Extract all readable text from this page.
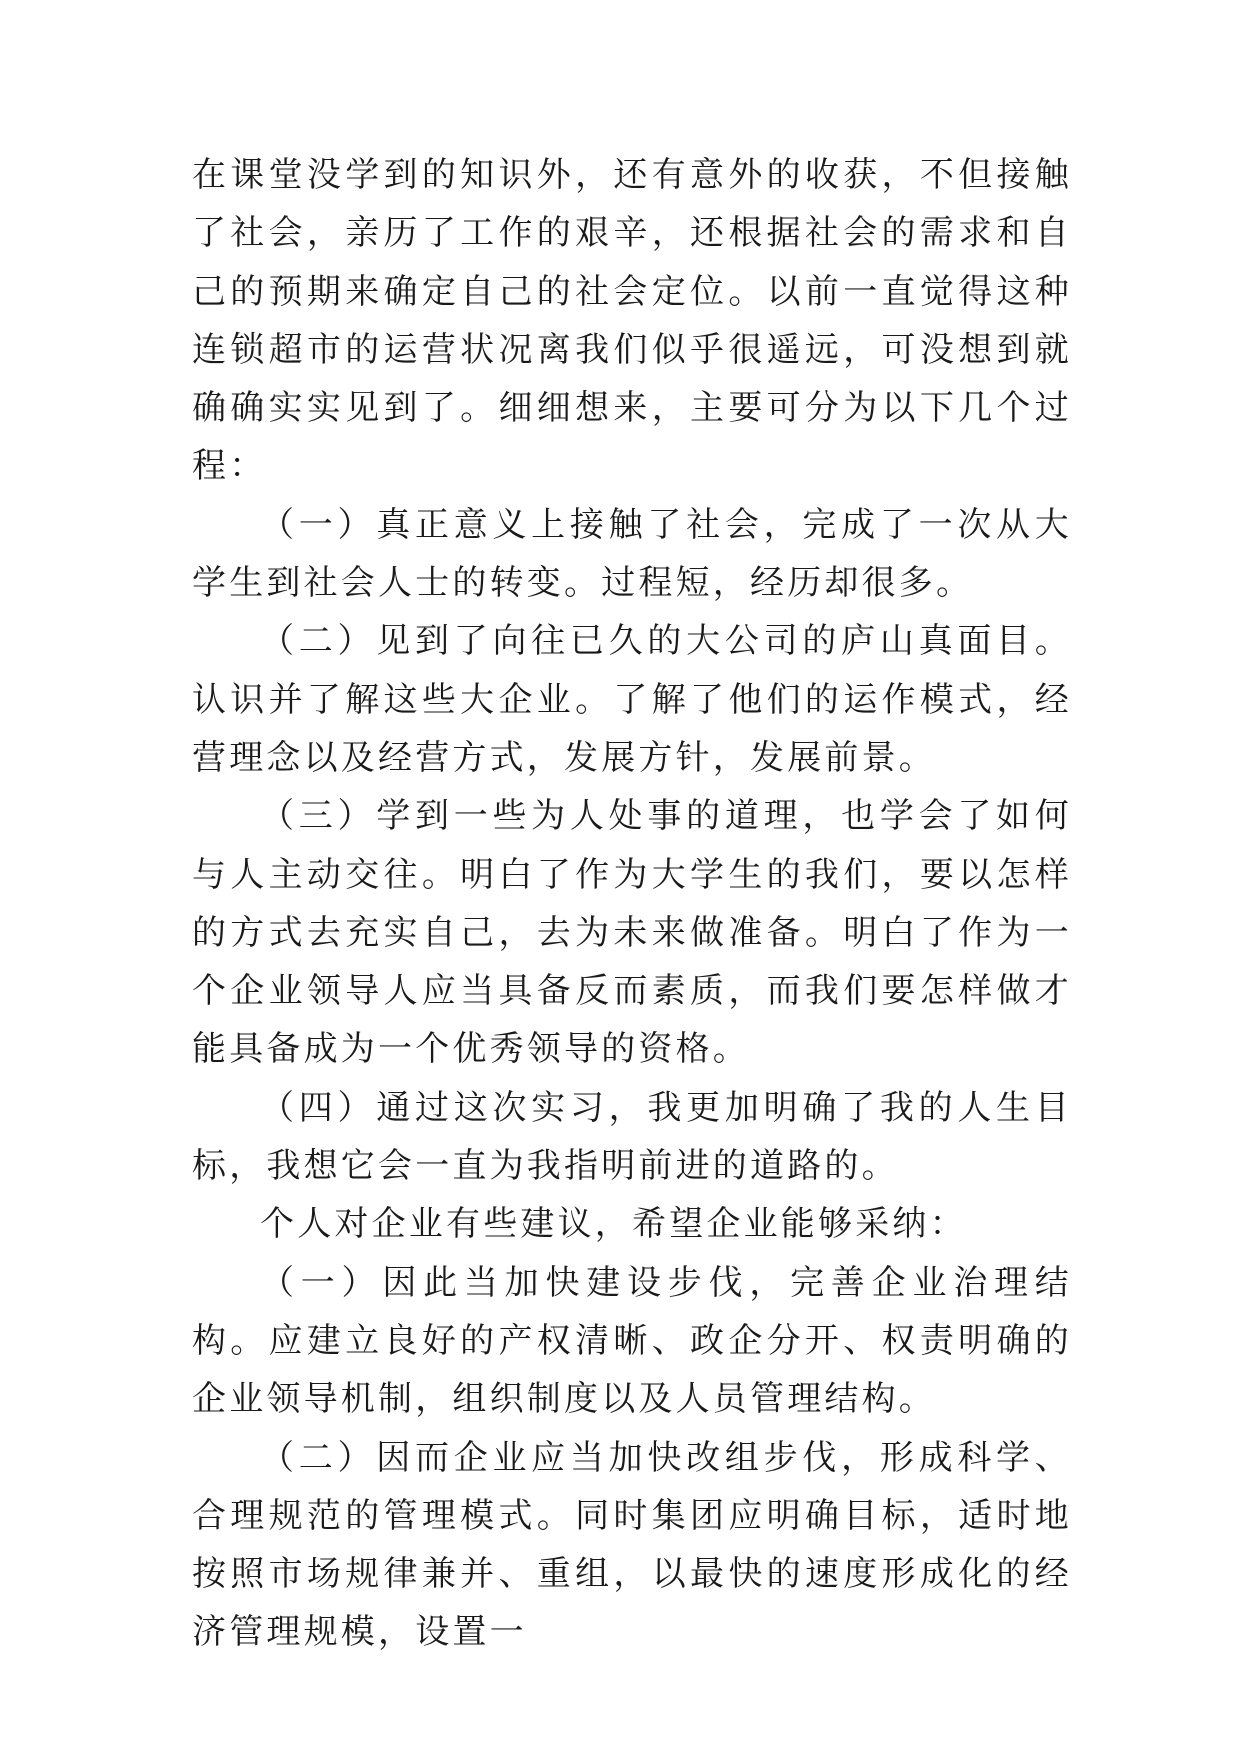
在课堂没学到的知识外，还有意外的收获，不但接触了社会，亲历了工作的艰辛，还根据社会的需求和自己的预期来确定自己的社会定位。以前一直觉得这种连锁超市的运营状况离我们似乎很遥远，可没想到就确确实实见到了。细细想来，主要可分为以下几个过程：

（一）真正意义上接触了社会，完成了一次从大学生到社会人士的转变。过程短，经历却很多。

（二）见到了向往已久的大公司的庐山真面目。认识并了解这些大企业。了解了他们的运作模式，经营理念以及经营方式，发展方针，发展前景。

（三）学到一些为人处事的道理，也学会了如何与人主动交往。明白了作为大学生的我们，要以怎样的方式去充实自己，去为未来做准备。明白了作为一个企业领导人应当具备反而素质，而我们要怎样做才能具备成为一个优秀领导的资格。

（四）通过这次实习，我更加明确了我的人生目标，我想它会一直为我指明前进的道路的。

个人对企业有些建议，希望企业能够采纳：

（一）因此当加快建设步伐，完善企业治理结构。应建立良好的产权清晰、政企分开、权责明确的企业领导机制，组织制度以及人员管理结构。

（二）因而企业应当加快改组步伐，形成科学、合理规范的管理模式。同时集团应明确目标，适时地按照市场规律兼并、重组，以最快的速度形成化的经济管理规模，设置一
